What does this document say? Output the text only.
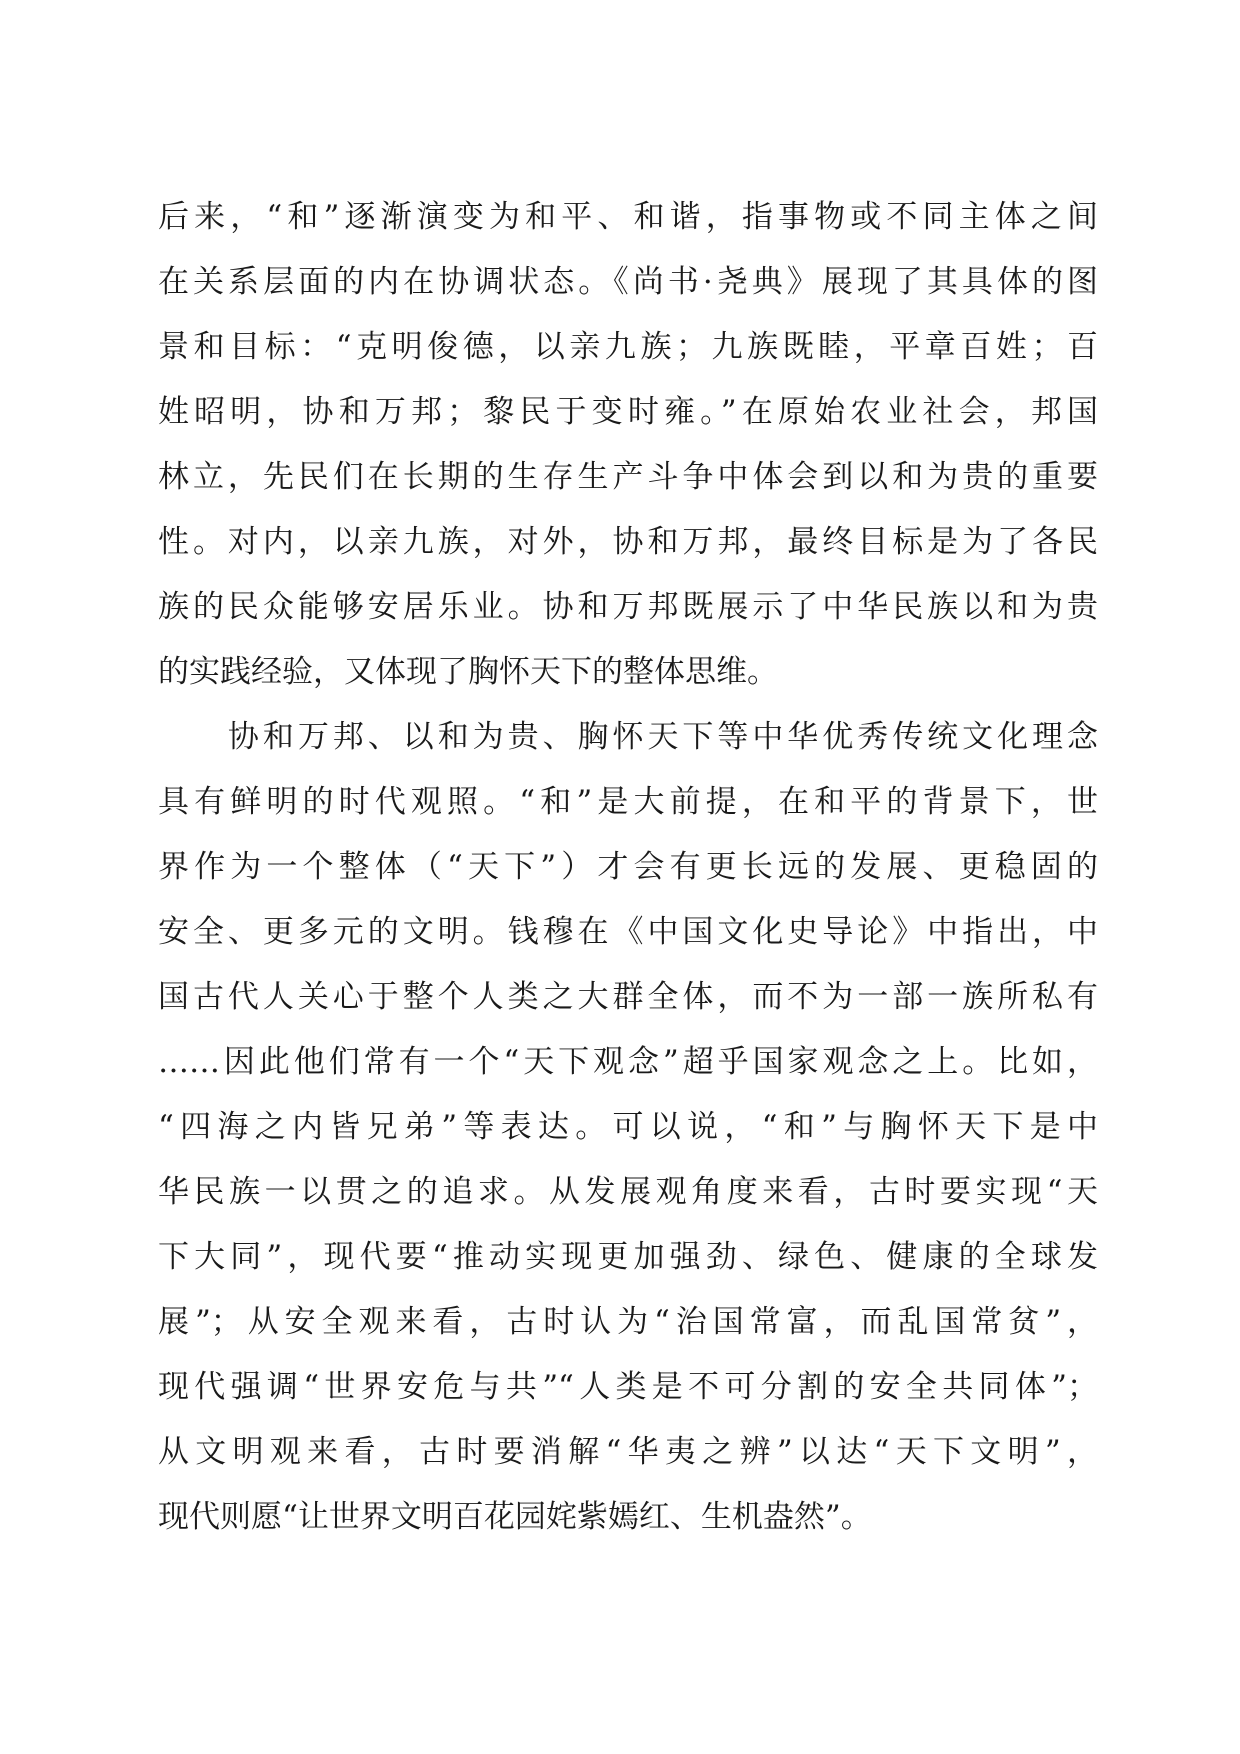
后来，“和”逐渐演变为和平、和谐，指事物或不同主体之间
在关系层面的内在协调状态。《尚书·尧典》展现了其具体的图
景和目标：“克明俊德，以亲九族；九族既睦，平章百姓；百
姓昭明，协和万邦；黎民于变时雍。”在原始农业社会，邦国
林立，先民们在长期的生存生产斗争中体会到以和为贵的重要
性。对内，以亲九族，对外，协和万邦，最终目标是为了各民
族的民众能够安居乐业。协和万邦既展示了中华民族以和为贵
的实践经验，又体现了胸怀天下的整体思维。
　　协和万邦、以和为贵、胸怀天下等中华优秀传统文化理念
具有鲜明的时代观照。“和”是大前提，在和平的背景下，世
界作为一个整体（“天下”）才会有更长远的发展、更稳固的
安全、更多元的文明。钱穆在《中国文化史导论》中指出，中
国古代人关心于整个人类之大群全体，而不为一部一族所私有
……因此他们常有一个“天下观念”超乎国家观念之上。比如，
“四海之内皆兄弟”等表达。可以说，“和”与胸怀天下是中
华民族一以贯之的追求。从发展观角度来看，古时要实现“天
下大同”，现代要“推动实现更加强劲、绿色、健康的全球发
展”；从安全观来看，古时认为“治国常富，而乱国常贫”，
现代强调“世界安危与共”“人类是不可分割的安全共同体”；
从文明观来看，古时要消解“华夷之辨”以达“天下文明”，
现代则愿“让世界文明百花园姹紫嫣红、生机盎然”。
